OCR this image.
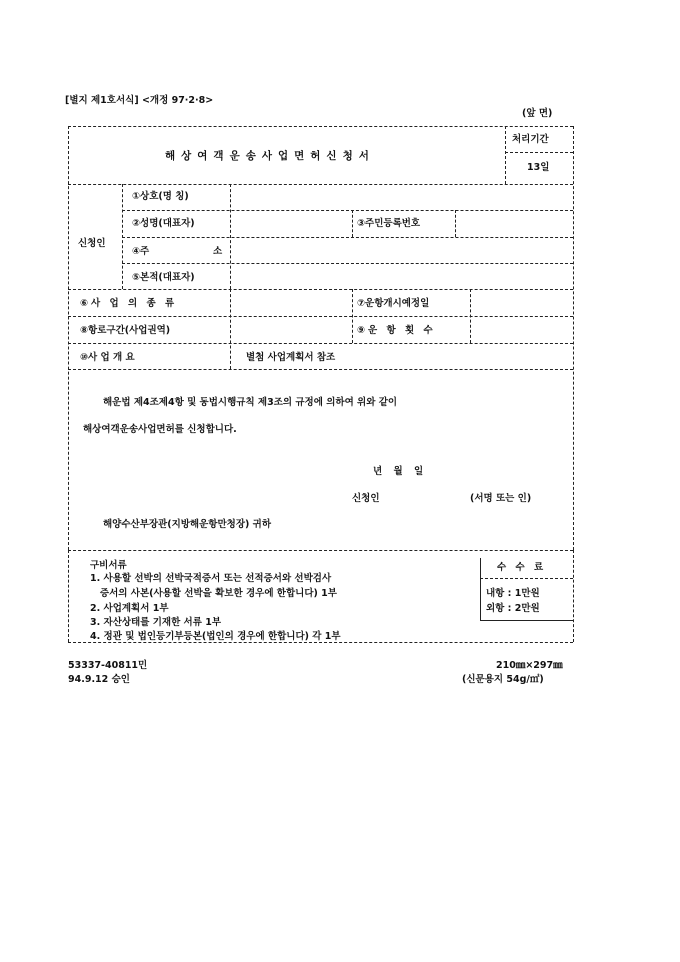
[별지 제1호서식] <개정 97·2·8>
(앞 면)
해상여객운송사업면허신청서
처리기간
13일
신청인
①상호(명 칭)
②성명(대표자)	③주민등록번호
④주	소
⑤본적(대표자)
⑥사 업 의 종 류	⑦운항개시예정일
⑧항로구간(사업권역)	⑨운 항 횟 수
⑩사 업 개 요	별첨 사업계획서 참조
해운법 제4조제4항 및 동법시행규칙 제3조의 규정에 의하여 위와 같이
해상여객운송사업면허를 신청합니다.
년 월 일
신청인	(서명 또는 인)
해양수산부장관(지방해운항만청장) 귀하
구비서류
1. 사용할 선박의 선박국적증서 또는 선적증서와 선박검사
증서의 사본(사용할 선박을 확보한 경우에 한합니다) 1부
2. 사업계획서 1부
3. 자산상태를 기재한 서류 1부
4. 정관 및 법인등기부등본(법인의 경우에 한합니다) 각 1부
수 수 료
내항 : 1만원
외항 : 2만원
53337-40811민
94.9.12 승인
210㎜×297㎜
(신문용지 54g/㎡)
